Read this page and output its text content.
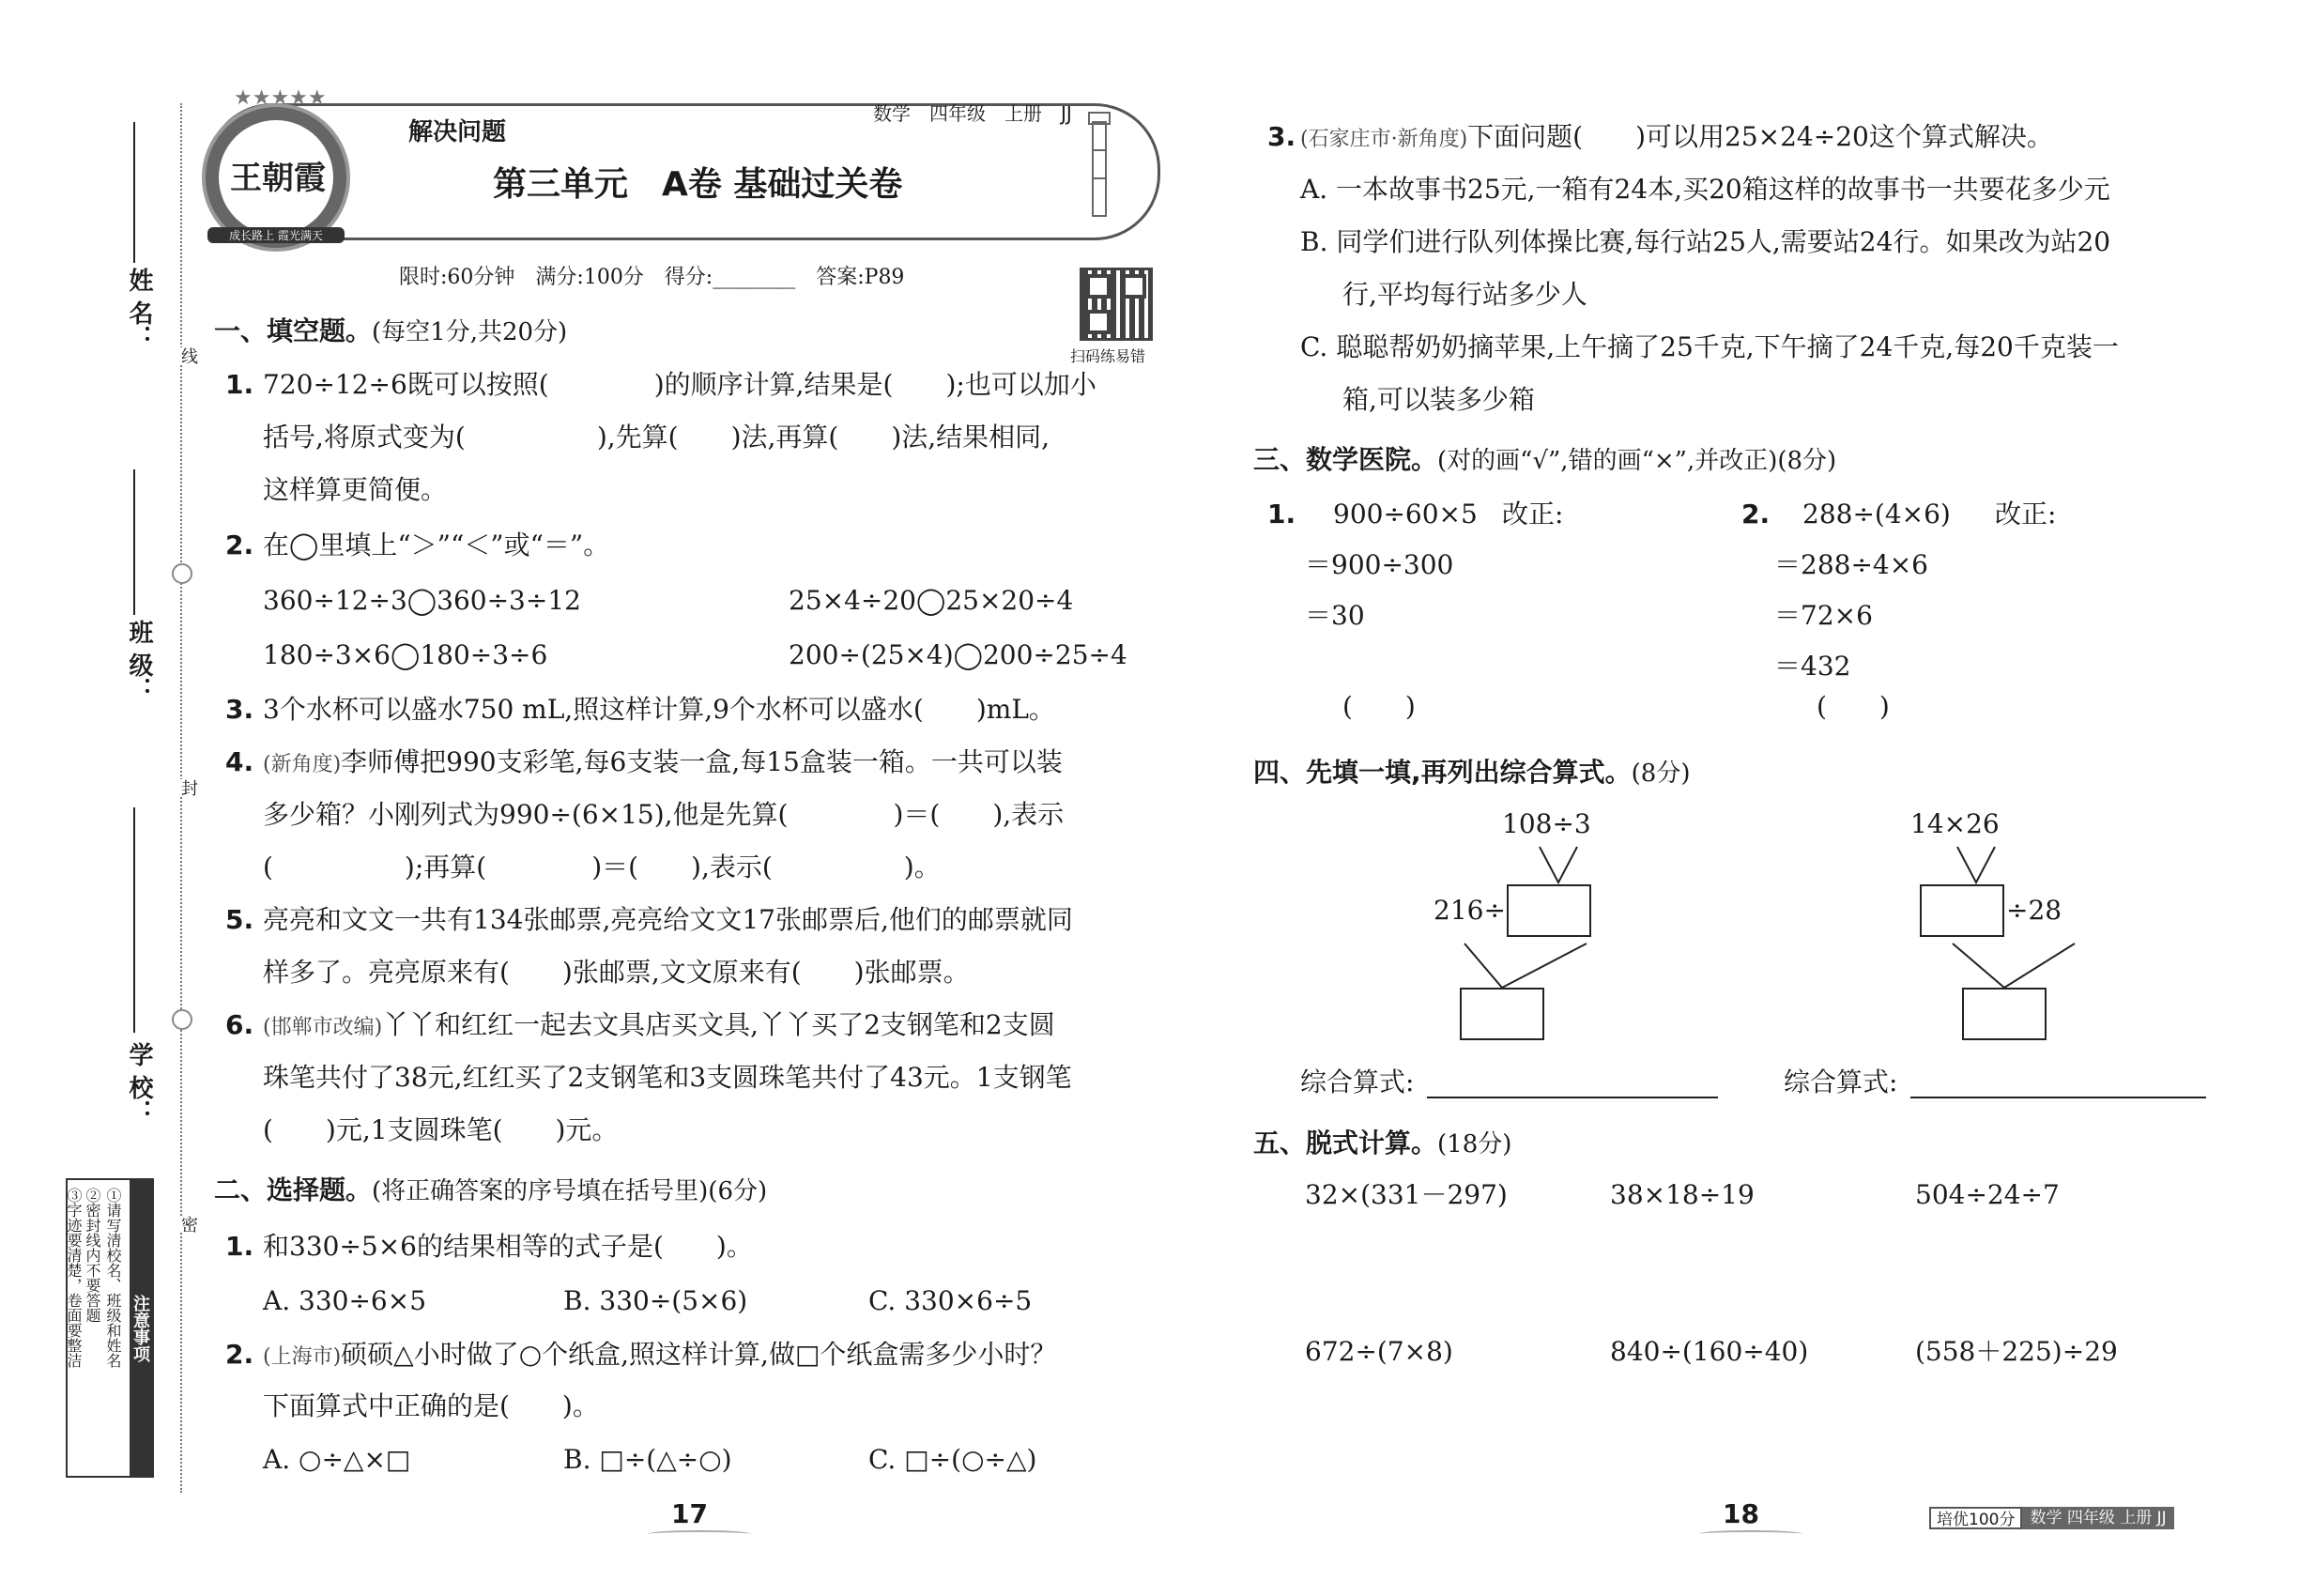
姓 名：
班 级：
学 校：
线
封
密
注意事项
①请写清校名、班级和姓名
②密封线内不要答题
③字迹要清楚，卷面要整洁
王朝霞
成长路上 霞光满天
★★★★★
解决问题
数学　四年级　上册　JJ
第三单元　A卷 基础过关卷
限时:60分钟　满分:100分　得分:________　答案:P89
扫码练易错
一、填空题。(每空1分,共20分)
1. 720÷12÷6既可以按照(　　　　)的顺序计算,结果是(　　);也可以加小
括号,将原式变为(　　　　　),先算(　　)法,再算(　　)法,结果相同,
这样算更简便。
2. 在◯里填上“＞”“＜”或“＝”。
360÷12÷3◯360÷3÷12	25×4÷20◯25×20÷4
180÷3×6◯180÷3÷6	200÷(25×4)◯200÷25÷4
3. 3个水杯可以盛水750 mL,照这样计算,9个水杯可以盛水(　　)mL。
4. (新角度)李师傅把990支彩笔,每6支装一盒,每15盒装一箱。一共可以装
多少箱？小刚列式为990÷(6×15),他是先算(　　　　)＝(　　),表示
(　　　　　);再算(　　　　)＝(　　),表示(　　　　　)。
5. 亮亮和文文一共有134张邮票,亮亮给文文17张邮票后,他们的邮票就同
样多了。亮亮原来有(　　)张邮票,文文原来有(　　)张邮票。
6. (邯郸市改编)丫丫和红红一起去文具店买文具,丫丫买了2支钢笔和2支圆
珠笔共付了38元,红红买了2支钢笔和3支圆珠笔共付了43元。1支钢笔
(　　)元,1支圆珠笔(　　)元。
二、选择题。(将正确答案的序号填在括号里)(6分)
1. 和330÷5×6的结果相等的式子是(　　)。
A. 330÷6×5	B. 330÷(5×6)	C. 330×6÷5
2. (上海市)硕硕△小时做了○个纸盒,照这样计算,做□个纸盒需多少小时？
下面算式中正确的是(　　)。
A. ○÷△×□	B. □÷(△÷○)	C. □÷(○÷△)
17
3. (石家庄市·新角度)下面问题(　　)可以用25×24÷20这个算式解决。
A. 一本故事书25元,一箱有24本,买20箱这样的故事书一共要花多少元
B. 同学们进行队列体操比赛,每行站25人,需要站24行。如果改为站20
行,平均每行站多少人
C. 聪聪帮奶奶摘苹果,上午摘了25千克,下午摘了24千克,每20千克装一
箱,可以装多少箱
三、数学医院。(对的画“√”,错的画“×”,并改正)(8分)
1. 900÷60×5 改正:
＝900÷300
＝30
(　　)
2. 288÷(4×6) 改正:
＝288÷4×6
＝72×6
＝432
(　　)
四、先填一填,再列出综合算式。(8分)
108÷3
216÷
14×26
÷28
综合算式:	综合算式:
五、脱式计算。(18分)
32×(331－297)	38×18÷19	504÷24÷7
672÷(7×8)	840÷(160÷40)	(558＋225)÷29
18	培优100分 数学 四年级 上册 JJ
